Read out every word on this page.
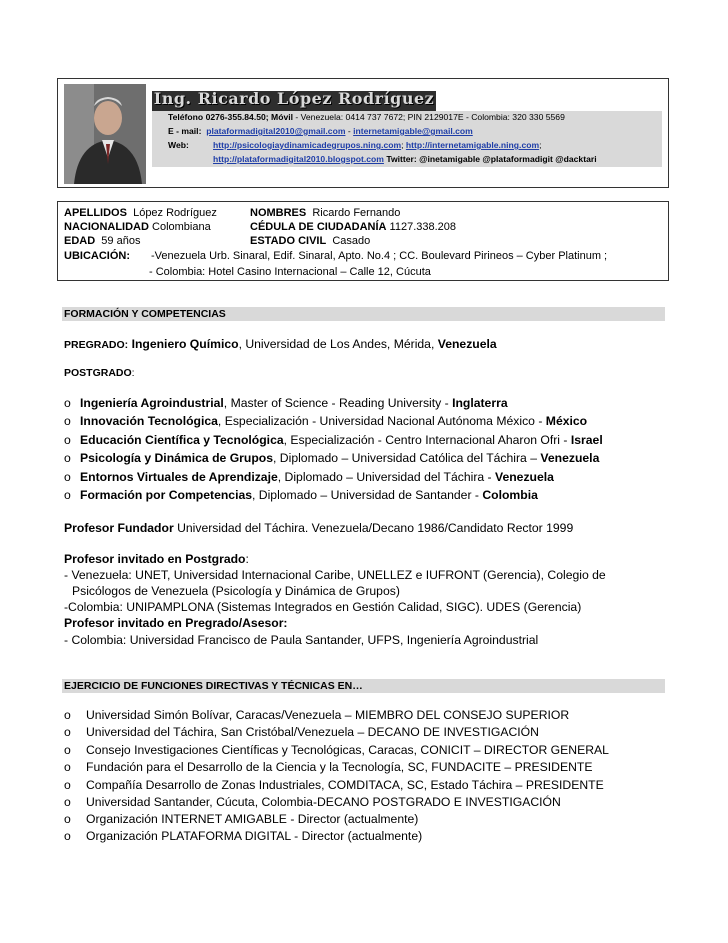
Ing. Ricardo López Rodríguez
Teléfono 0276-355.84.50; Móvil - Venezuela: 0414 737 7672; PIN 2129017E - Colombia: 320 330 5569
E - mail: plataformadigital2010@gmail.com - internetamigable@gmail.com
Web:	http://psicologiaydinamicadegrupos.ning.com; http://internetamigable.ning.com;
http://plataformadigital2010.blogspot.com Twitter: @inetamigable @plataformadigit @dacktari
APELLIDOS López Rodríguez	NOMBRES Ricardo Fernando
NACIONALIDAD Colombiana	CÉDULA DE CIUDADANÍA 1127.338.208
EDAD 59 años	ESTADO CIVIL Casado
UBICACIÓN: -Venezuela Urb. Sinaral, Edif. Sinaral, Apto. No.4 ; CC. Boulevard Pirineos – Cyber Platinum ;
- Colombia: Hotel Casino Internacional – Calle 12, Cúcuta
FORMACIÓN Y COMPETENCIAS
PREGRADO: Ingeniero Químico, Universidad de Los Andes, Mérida, Venezuela
POSTGRADO:
o Ingeniería Agroindustrial, Master of Science - Reading University - Inglaterra
o Innovación Tecnológica, Especialización - Universidad Nacional Autónoma México - México
o Educación Científica y Tecnológica, Especialización - Centro Internacional Aharon Ofri - Israel
o Psicología y Dinámica de Grupos, Diplomado – Universidad Católica del Táchira – Venezuela
o Entornos Virtuales de Aprendizaje, Diplomado – Universidad del Táchira - Venezuela
o Formación por Competencias, Diplomado – Universidad de Santander - Colombia
Profesor Fundador Universidad del Táchira. Venezuela/Decano 1986/Candidato Rector 1999
Profesor invitado en Postgrado:
- Venezuela: UNET, Universidad Internacional Caribe, UNELLEZ e IUFRONT (Gerencia), Colegio de
Psicólogos de Venezuela (Psicología y Dinámica de Grupos)
-Colombia: UNIPAMPLONA (Sistemas Integrados en Gestión Calidad, SIGC). UDES (Gerencia)
Profesor invitado en Pregrado/Asesor:
- Colombia: Universidad Francisco de Paula Santander, UFPS, Ingeniería Agroindustrial
EJERCICIO DE FUNCIONES DIRECTIVAS Y TÉCNICAS EN…
o Universidad Simón Bolívar, Caracas/Venezuela – MIEMBRO DEL CONSEJO SUPERIOR
o Universidad del Táchira, San Cristóbal/Venezuela – DECANO DE INVESTIGACIÓN
o Consejo Investigaciones Científicas y Tecnológicas, Caracas, CONICIT – DIRECTOR GENERAL
o Fundación para el Desarrollo de la Ciencia y la Tecnología, SC, FUNDACITE – PRESIDENTE
o Compañía Desarrollo de Zonas Industriales, COMDITACA, SC, Estado Táchira – PRESIDENTE
o Universidad Santander, Cúcuta, Colombia-DECANO POSTGRADO E INVESTIGACIÓN
o Organización INTERNET AMIGABLE - Director (actualmente)
o Organización PLATAFORMA DIGITAL - Director (actualmente)
